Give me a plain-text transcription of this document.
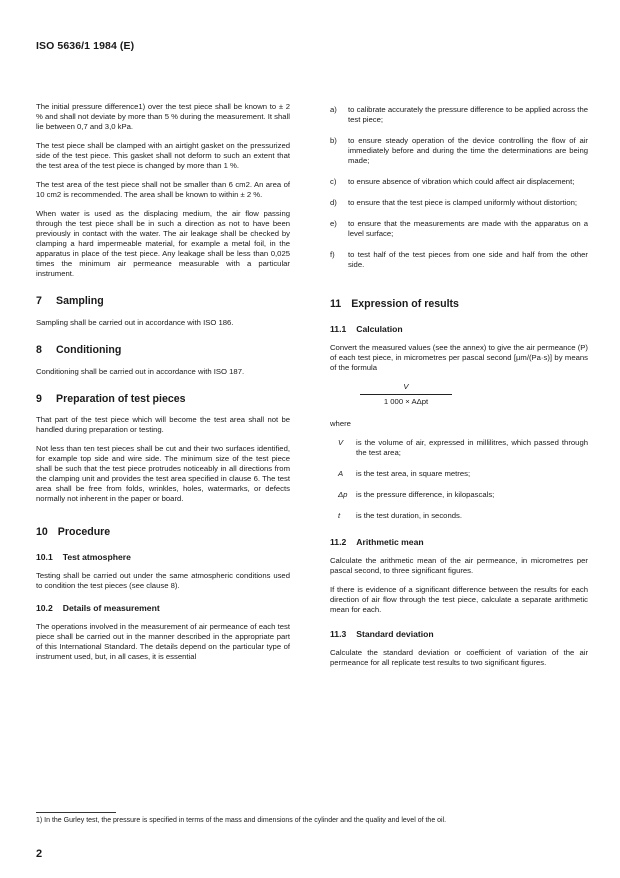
ISO 5636/1 1984 (E)

The initial pressure difference1) over the test piece shall be known to ± 2 % and shall not deviate by more than 5 % during the measurement. It shall lie between 0,7 and 3,0 kPa.

The test piece shall be clamped with an airtight gasket on the pressurized side of the test piece. This gasket shall not deform to such an extent that the test area of the test piece is changed by more than 1 %.

The test area of the test piece shall not be smaller than 6 cm2. An area of 10 cm2 is recommended. The area shall be known to within ± 2 %.

When water is used as the displacing medium, the air flow passing through the test piece shall be in such a direction as not to have been previously in contact with the water. The air leakage shall be checked by clamping a hard impermeable material, for example a metal foil, in the apparatus in place of the test piece. Any leakage shall be less than 0,025 times the minimum air permeance measurable with a particular instrument.

7	Sampling

Sampling shall be carried out in accordance with ISO 186.

8	Conditioning

Conditioning shall be carried out in accordance with ISO 187.

9	Preparation of test pieces

That part of the test piece which will become the test area shall not be handled during preparation or testing.

Not less than ten test pieces shall be cut and their two surfaces identified, for example top side and wire side. The minimum size of the test piece shall be such that the test piece protrudes noticeably in all directions from the clamping unit and provides the test area specified in clause 6. The test area shall be free from folds, wrinkles, holes, watermarks, or defects normally not inherent in the paper or board.

10 Procedure
10.1 Test atmosphere

Testing shall be carried out under the same atmospheric conditions used to condition the test pieces (see clause 8).

10.2 Details of measurement

The operations involved in the measurement of air permeance of each test piece shall be carried out in the manner described in the appropriate part of this International Standard. The details depend on the particular type of instrument used, but, in all cases, it is essential

a)	to calibrate accurately the pressure difference to be applied across the test piece;
b)	to ensure steady operation of the device controlling the flow of air immediately before and during the time the determinations are being made;
c)	to ensure absence of vibration which could affect air displacement;
d)	to ensure that the test piece is clamped uniformly without distortion;
e)	to ensure that the measurements are made with the apparatus on a level surface;
f)	to test half of the test pieces from one side and half from the other side.
11 Expression of results
11.1 Calculation

Convert the measured values (see the annex) to give the air permeance (P) of each test piece, in micrometres per pascal second [µm/(Pa·s)] by means of the formula

V
1 000 × AΔpt

where

V	is the volume of air, expressed in millilitres, which passed through the test area;
A	is the test area, in square metres;
Δp is the pressure difference, in kilopascals;
t	is the test duration, in seconds.
11.2 Arithmetic mean

Calculate the arithmetic mean of the air permeance, in micrometres per pascal second, to three significant figures.

If there is evidence of a significant difference between the results for each direction of air flow through the test piece, calculate a separate arithmetic mean for each.

11.3 Standard deviation

Calculate the standard deviation or coefficient of variation of the air permeance for all replicate test results to two significant figures.

1) In the Gurley test, the pressure is specified in terms of the mass and dimensions of the cylinder and the quality and level of the oil.
2
